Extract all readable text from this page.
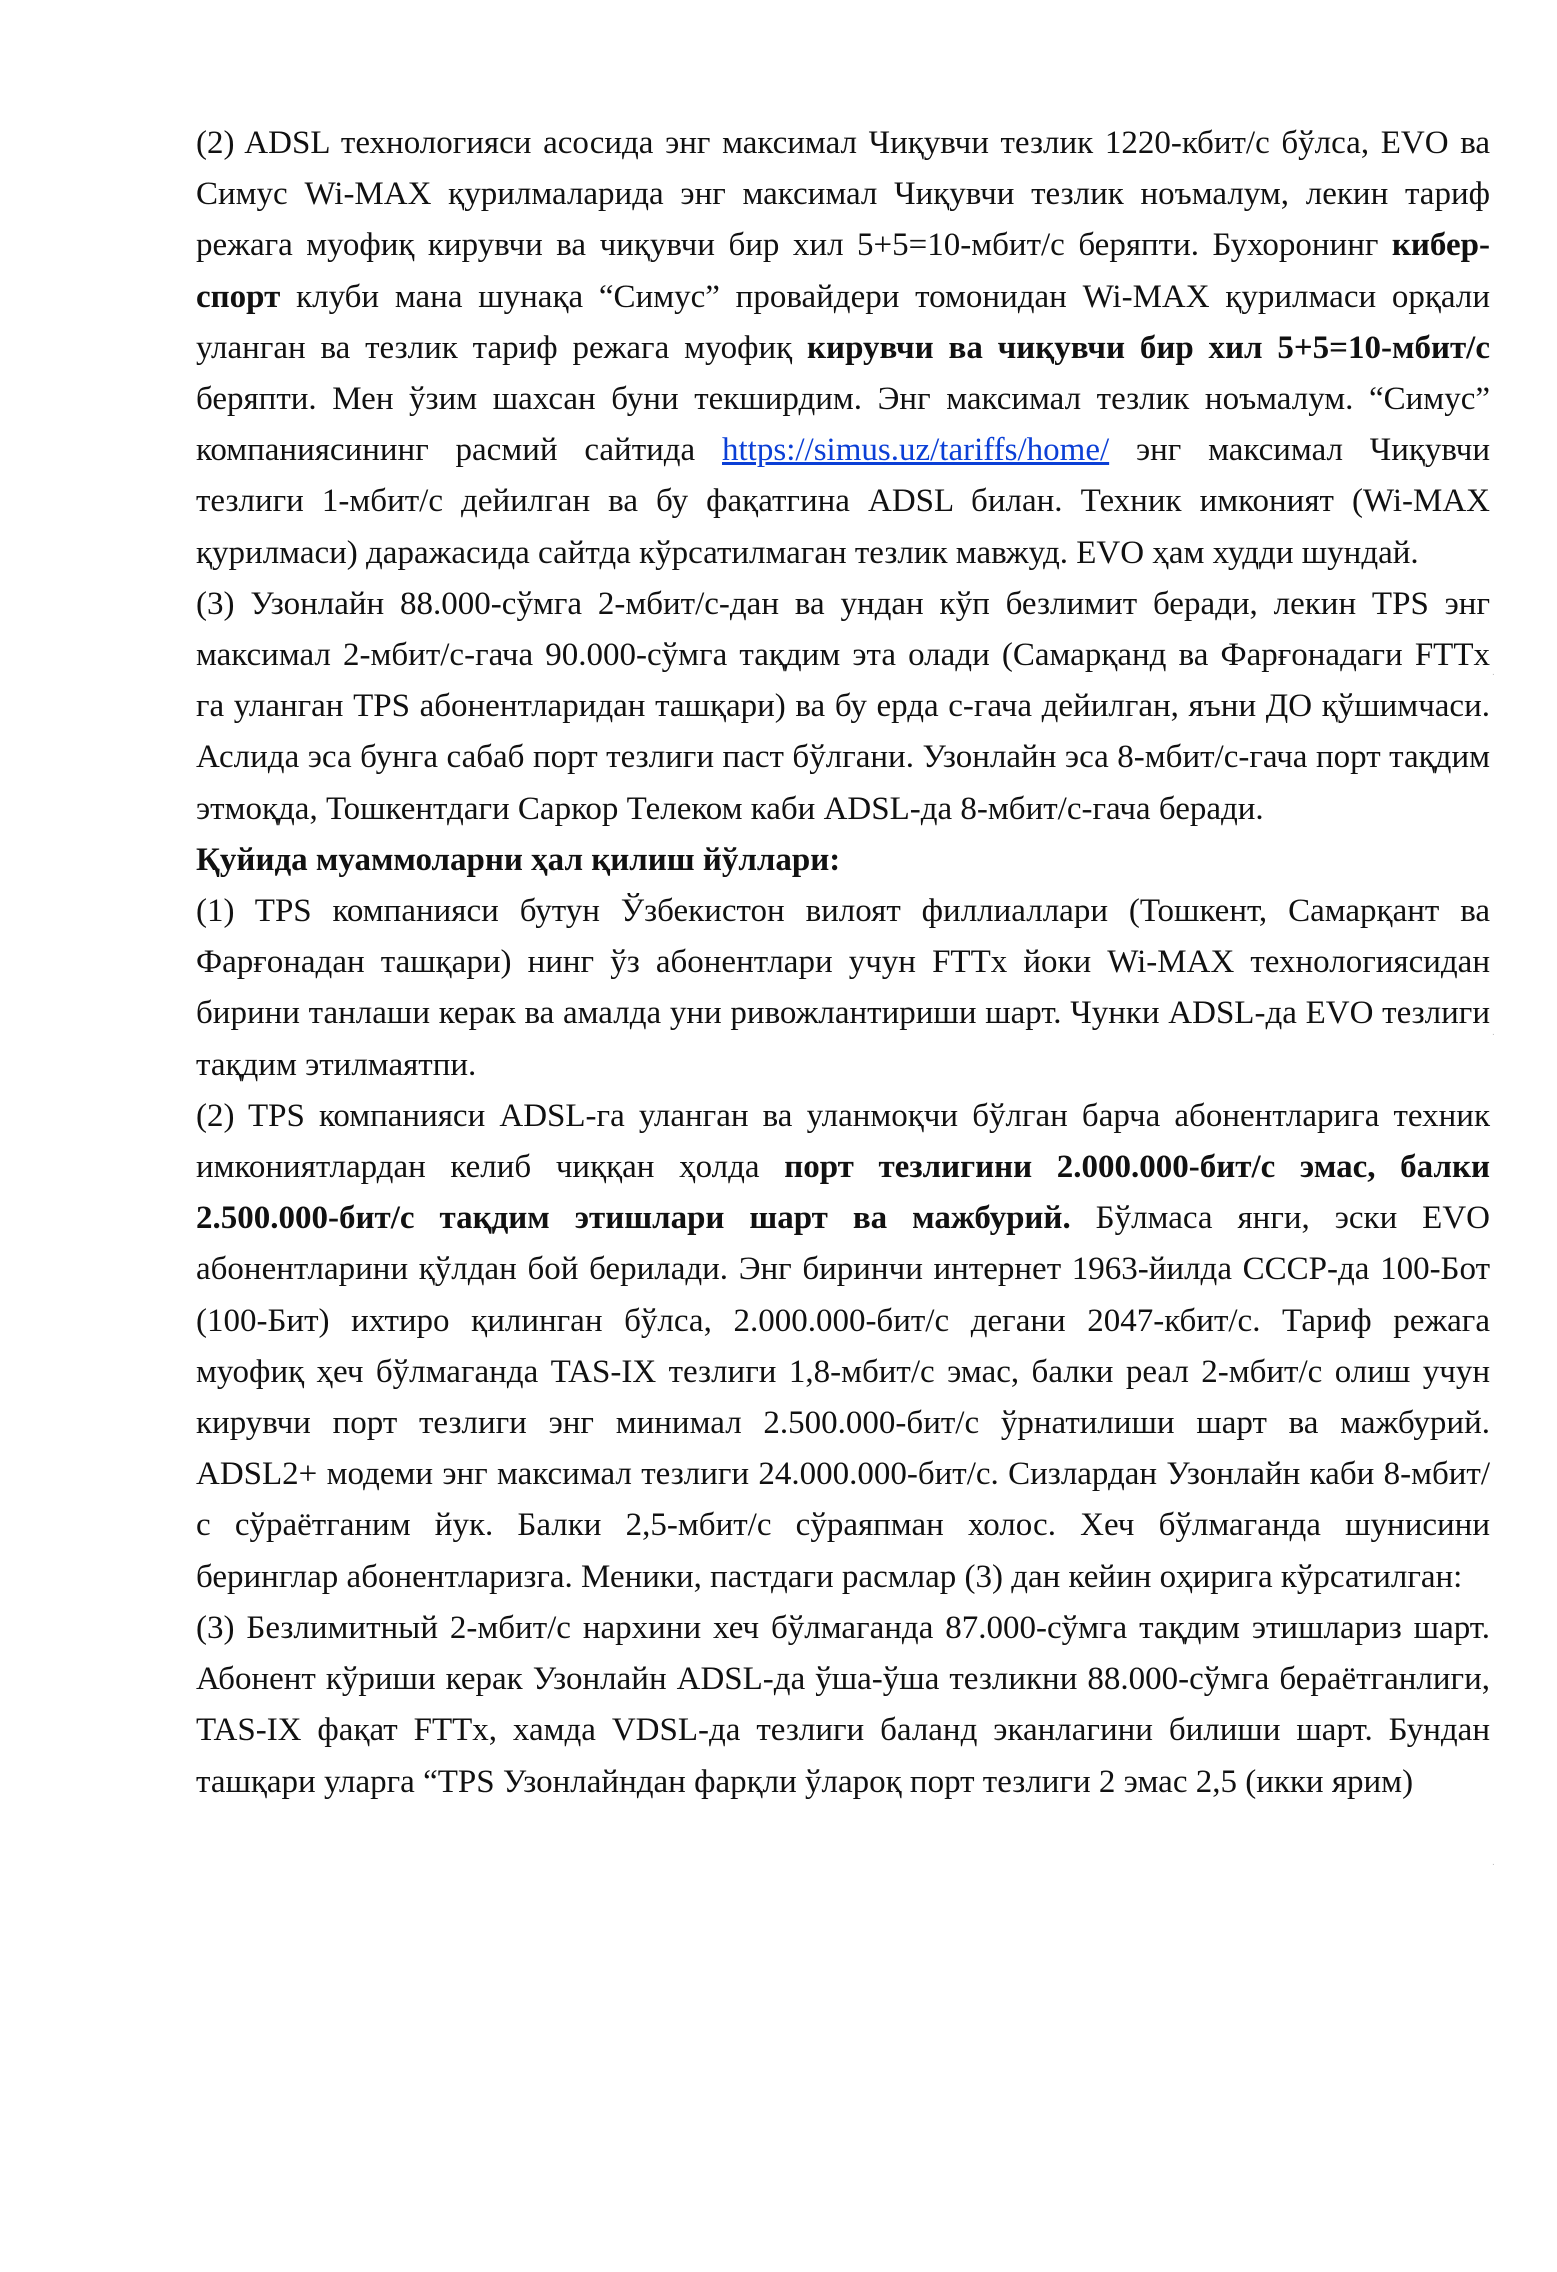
(2) ADSL технологияси асосида энг максимал Чиқувчи тезлик 1220-кбит/с бўлса, EVO ва Симус Wi-MAX қурилмаларида энг максимал Чиқувчи тезлик ноъмалум, лекин тариф режага муофиқ кирувчи ва чиқувчи бир хил 5+5=10-мбит/с беряпти. Бухоронинг кибер-спорт клуби мана шунақа “Симус” провайдери томонидан Wi-MAX қурилмаси орқали уланган ва тезлик тариф режага муофиқ кирувчи ва чиқувчи бир хил 5+5=10-мбит/с беряпти. Мен ўзим шахсан буни текширдим. Энг максимал тезлик ноъмалум. “Симус” компаниясининг расмий сайтида https://simus.uz/tariffs/home/ энг максимал Чиқувчи тезлиги 1-мбит/с дейилган ва бу фақатгина ADSL билан. Техник имконият (Wi-MAX қурилмаси) даражасида сайтда кўрсатилмаган тезлик мавжуд. EVO ҳам худди шундай.

(3) Узонлайн 88.000-сўмга 2-мбит/с-дан ва ундан кўп безлимит беради, лекин TPS энг максимал 2-мбит/с-гача 90.000-сўмга тақдим эта олади (Самарқанд ва Фарғонадаги FTTx га уланган TPS абонентларидан ташқари) ва бу ерда с-гача дейилган, яъни ДО қўшимчаси. Аслида эса бунга сабаб порт тезлиги паст бўлгани. Узонлайн эса 8-мбит/с-гача порт тақдим этмоқда, Тошкентдаги Саркор Телеком каби ADSL-да 8-мбит/с-гача беради.

Қуйида муаммоларни ҳал қилиш йўллари:

(1) TPS компанияси бутун Ўзбекистон вилоят филлиаллари (Тошкент, Самарқант ва Фарғонадан ташқари) нинг ўз абонентлари учун FTTx йоки Wi-MAX технологиясидан бирини танлаши керак ва амалда уни ривожлантириши шарт. Чунки ADSL-да EVO тезлиги тақдим этилмаятпи.

(2) TPS компанияси ADSL-га уланган ва уланмоқчи бўлган барча абонентларига техник имкониятлардан келиб чиққан ҳолда порт тезлигини 2.000.000-бит/с эмас, балки 2.500.000-бит/с тақдим этишлари шарт ва мажбурий. Бўлмаса янги, эски EVO абонентларини қўлдан бой берилади. Энг биринчи интернет 1963-йилда СССР-да 100-Бот (100-Бит) ихтиро қилинган бўлса, 2.000.000-бит/с дегани 2047-кбит/с. Тариф режага муофиқ ҳеч бўлмаганда TAS-IX тезлиги 1,8-мбит/с эмас, балки реал 2-мбит/с олиш учун кирувчи порт тезлиги энг минимал 2.500.000-бит/с ўрнатилиши шарт ва мажбурий. ADSL2+ модеми энг максимал тезлиги 24.000.000-бит/с. Сизлардан Узонлайн каби 8-мбит/с сўраётганим йук. Балки 2,5-мбит/с сўраяпман холос. Хеч бўлмаганда шунисини беринглар абонентларизга. Меники, пастдаги расмлар (3) дан кейин оҳирига кўрсатилган:

(3) Безлимитный 2-мбит/с нархини хеч бўлмаганда 87.000-сўмга тақдим этишлариз шарт. Абонент кўриши керак Узонлайн ADSL-да ўша-ўша тезликни 88.000-сўмга бераётганлиги, TAS-IX фақат FTTx, хамда VDSL-да тезлиги баланд эканлагини билиши шарт. Бундан ташқари уларга “TPS Узонлайндан фарқли ўлароқ порт тезлиги 2 эмас 2,5 (икки ярим)

.
.
.
